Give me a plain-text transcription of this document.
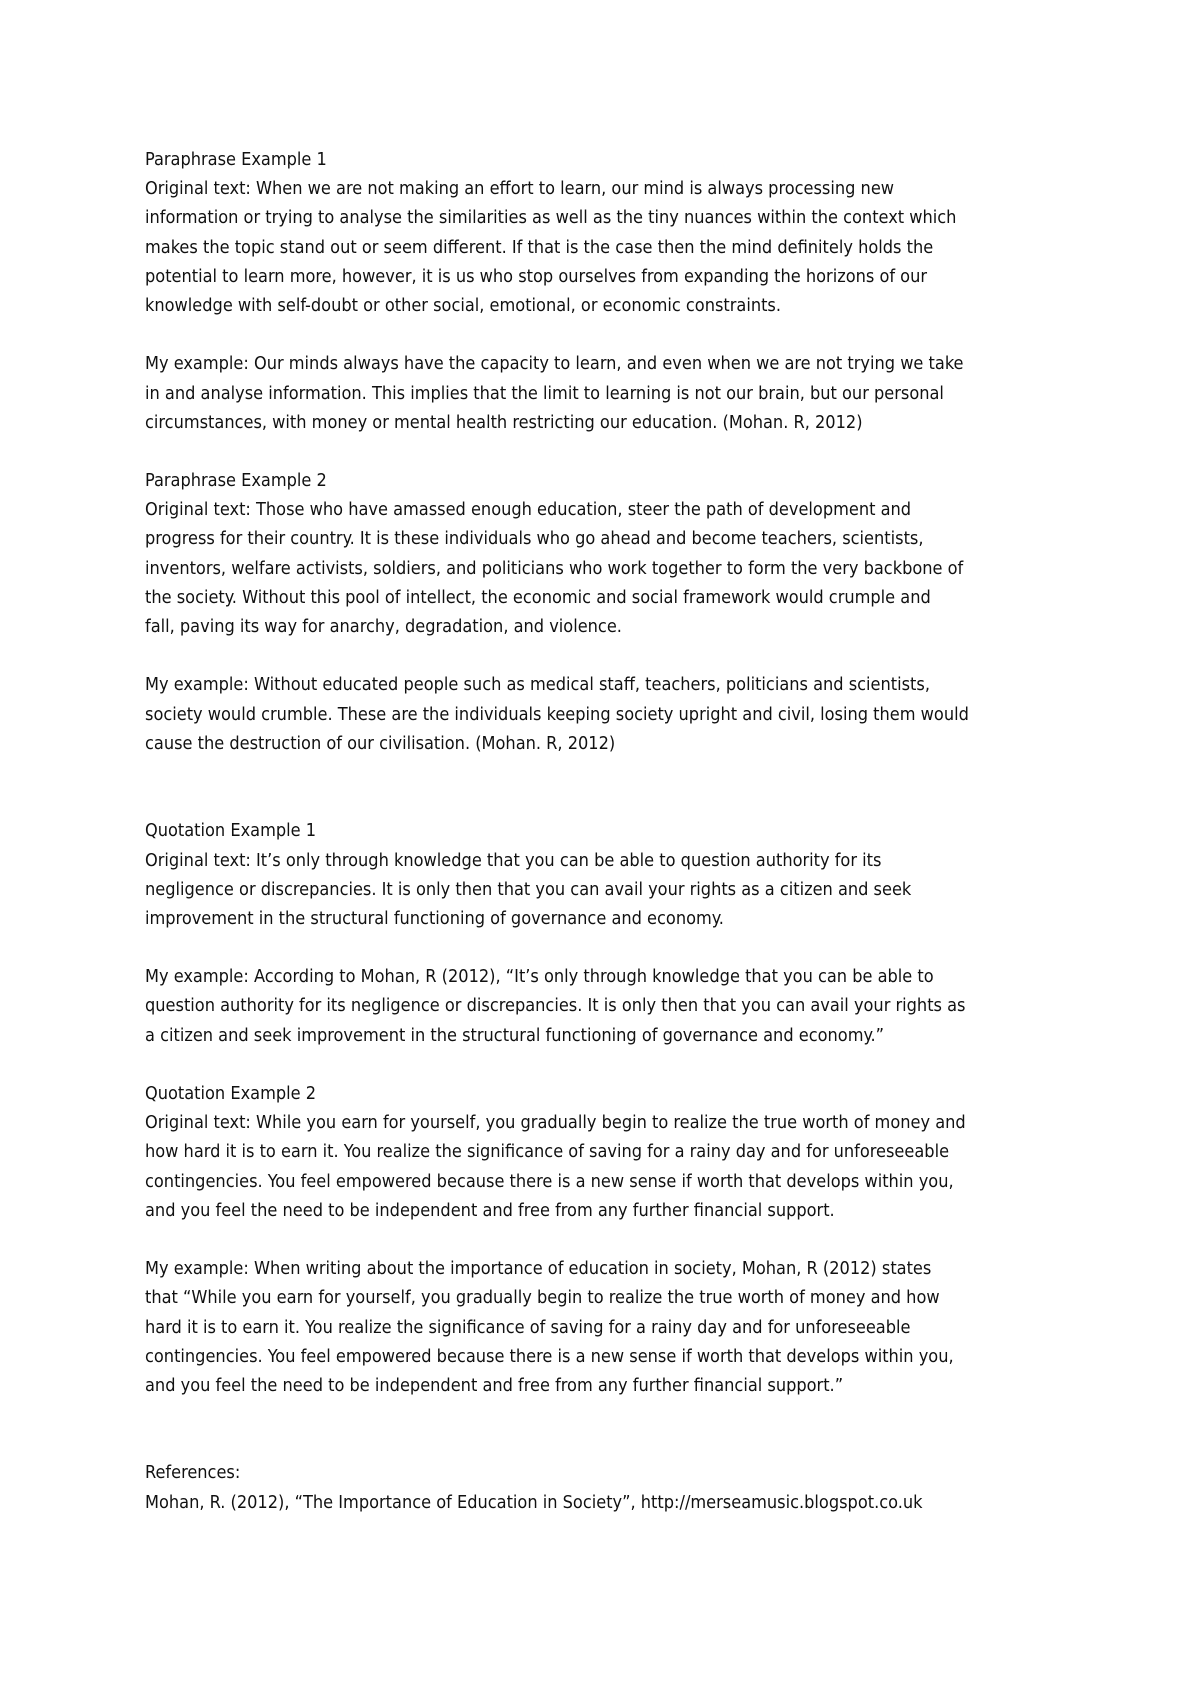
Paraphrase Example 1
Original text: When we are not making an effort to learn, our mind is always processing new
information or trying to analyse the similarities as well as the tiny nuances within the context which
makes the topic stand out or seem different. If that is the case then the mind definitely holds the
potential to learn more, however, it is us who stop ourselves from expanding the horizons of our
knowledge with self-doubt or other social, emotional, or economic constraints.
My example: Our minds always have the capacity to learn, and even when we are not trying we take
in and analyse information. This implies that the limit to learning is not our brain, but our personal
circumstances, with money or mental health restricting our education. (Mohan. R, 2012)
Paraphrase Example 2
Original text: Those who have amassed enough education, steer the path of development and
progress for their country. It is these individuals who go ahead and become teachers, scientists,
inventors, welfare activists, soldiers, and politicians who work together to form the very backbone of
the society. Without this pool of intellect, the economic and social framework would crumple and
fall, paving its way for anarchy, degradation, and violence.
My example: Without educated people such as medical staff, teachers, politicians and scientists,
society would crumble. These are the individuals keeping society upright and civil, losing them would
cause the destruction of our civilisation. (Mohan. R, 2012)
Quotation Example 1
Original text: It’s only through knowledge that you can be able to question authority for its
negligence or discrepancies. It is only then that you can avail your rights as a citizen and seek
improvement in the structural functioning of governance and economy.
My example: According to Mohan, R (2012), “It’s only through knowledge that you can be able to
question authority for its negligence or discrepancies. It is only then that you can avail your rights as
a citizen and seek improvement in the structural functioning of governance and economy.”
Quotation Example 2
Original text: While you earn for yourself, you gradually begin to realize the true worth of money and
how hard it is to earn it. You realize the significance of saving for a rainy day and for unforeseeable
contingencies. You feel empowered because there is a new sense if worth that develops within you,
and you feel the need to be independent and free from any further financial support.
My example: When writing about the importance of education in society, Mohan, R (2012) states
that “While you earn for yourself, you gradually begin to realize the true worth of money and how
hard it is to earn it. You realize the significance of saving for a rainy day and for unforeseeable
contingencies. You feel empowered because there is a new sense if worth that develops within you,
and you feel the need to be independent and free from any further financial support.”
References:
Mohan, R. (2012), “The Importance of Education in Society”, http://merseamusic.blogspot.co.uk
